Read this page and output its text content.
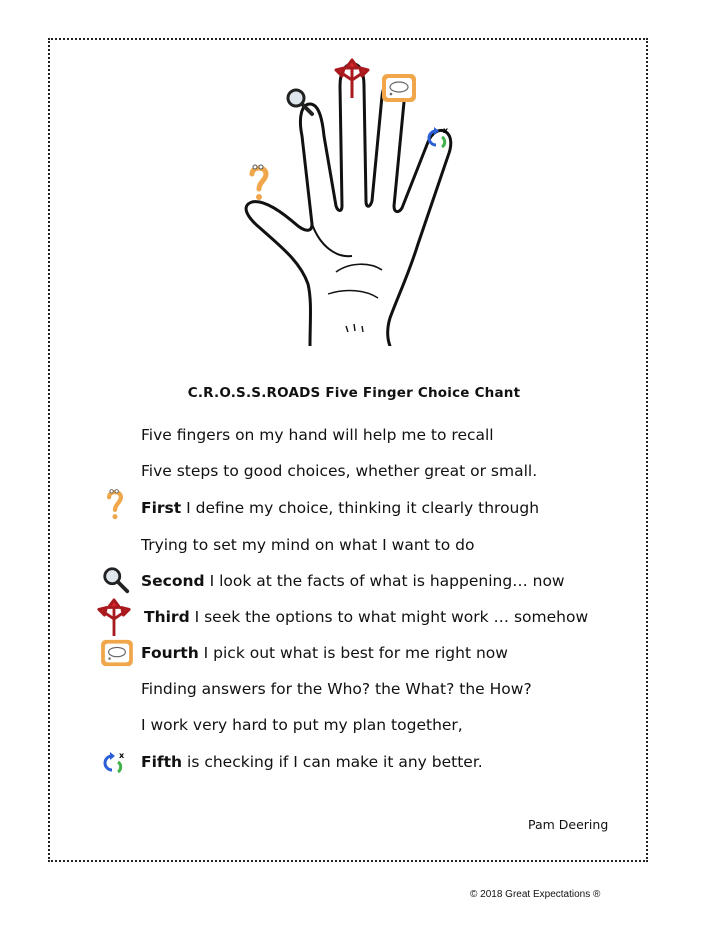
x
C.R.O.S.S.ROADS Five Finger Choice Chant
Five fingers on my hand will help me to recall
Five steps to good choices, whether great or small.
First I define my choice, thinking it clearly through
Trying to set my mind on what I want to do
Second I look at the facts of what is happening… now
Third I seek the options to what might work … somehow
Fourth I pick out what is best for me right now
Finding answers for the Who? the What? the How?
I work very hard to put my plan together,
Fifth is checking if I can make it any better.
x
Pam Deering
© 2018 Great Expectations ®
